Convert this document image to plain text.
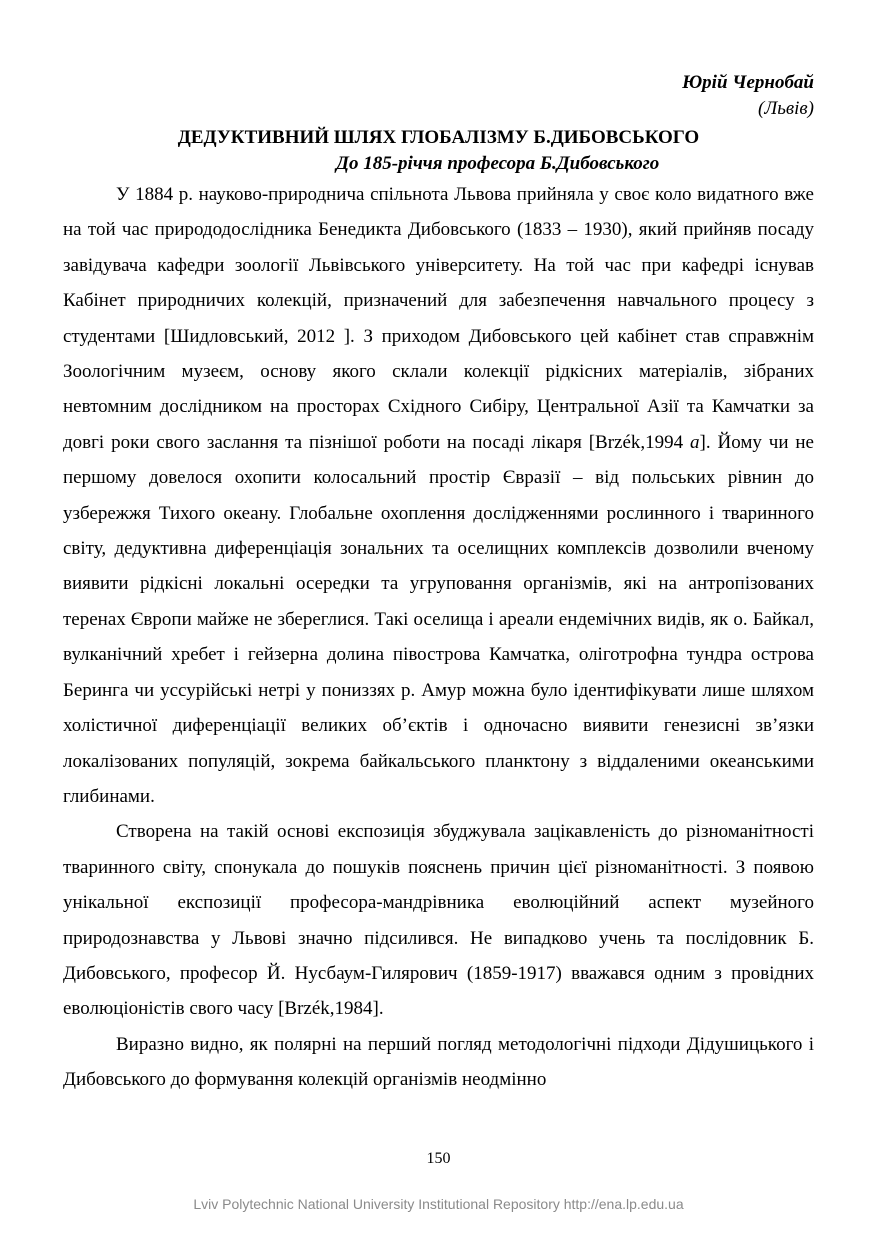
Юрій Чернобай
(Львів)
ДЕДУКТИВНИЙ ШЛЯХ ГЛОБАЛІЗМУ Б.ДИБОВСЬКОГО
До 185-річчя професора Б.Дибовського

У 1884 р. науково-природнича спільнота Львова прийняла у своє коло видатного вже на той час природодослідника Бенедикта Дибовського (1833 – 1930), який прийняв посаду завідувача кафедри зоології Львівського університету. На той час при кафедрі існував Кабінет природничих колекцій, призначений для забезпечення навчального процесу з студентами [Шидловський, 2012 ]. З приходом Дибовського цей кабінет став справжнім Зоологічним музеєм, основу якого склали колекції рідкісних матеріалів, зібраних невтомним дослідником на просторах Східного Сибіру, Центральної Азії та Камчатки за довгі роки свого заслання та пізнішої роботи на посаді лікаря [Brzék,1994 a]. Йому чи не першому довелося охопити колосальний простір Євразії – від польських рівнин до узбережжя Тихого океану. Глобальне охоплення дослідженнями рослинного і тваринного світу, дедуктивна диференціація зональних та оселищних комплексів дозволили вченому виявити рідкісні локальні осередки та угруповання організмів, які на антропізованих теренах Європи майже не збереглися. Такі оселища і ареали ендемічних видів, як о. Байкал, вулканічний хребет і гейзерна долина півострова Камчатка, оліготрофна тундра острова Беринга чи уссурійські нетрі у пониззях р. Амур можна було ідентифікувати лише шляхом холістичної диференціації великих об’єктів і одночасно виявити генезисні зв’язки локалізованих популяцій, зокрема байкальського планктону з віддаленими океанськими глибинами.

Створена на такій основі експозиція збуджувала зацікавленість до різноманітності тваринного світу, спонукала до пошуків пояснень причин цієї різноманітності. З появою унікальної експозиції професора-мандрівника еволюційний аспект музейного природознавства у Львові значно підсилився. Не випадково учень та послідовник Б. Дибовського, професор Й. Нусбаум-Гилярович (1859-1917) вважався одним з провідних еволюціоністів свого часу [Brzék,1984].

Виразно видно, як полярні на перший погляд методологічні підходи Дідушицького і Дибовського до формування колекцій організмів неодмінно

150
Lviv Polytechnic National University Institutional Repository http://ena.lp.edu.ua
